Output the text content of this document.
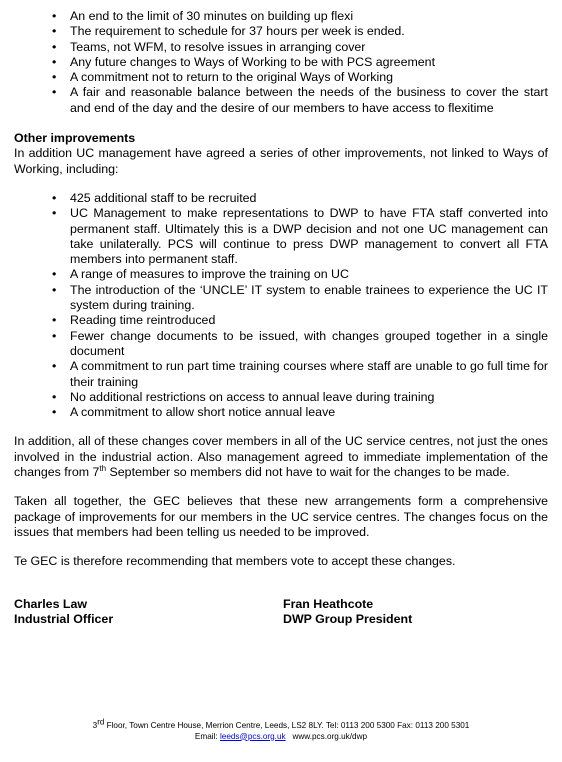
• An end to the limit of 30 minutes on building up flexi
• The requirement to schedule for 37 hours per week is ended.
• Teams, not WFM, to resolve issues in arranging cover
• Any future changes to Ways of Working to be with PCS agreement
• A commitment not to return to the original Ways of Working
• A fair and reasonable balance between the needs of the business to cover the start and end of the day and the desire of our members to have access to flexitime
Other improvements

In addition UC management have agreed a series of other improvements, not linked to Ways of Working, including:

• 425 additional staff to be recruited
• UC Management to make representations to DWP to have FTA staff converted into permanent staff. Ultimately this is a DWP decision and not one UC management can take unilaterally. PCS will continue to press DWP management to convert all FTA members into permanent staff.
• A range of measures to improve the training on UC
• The introduction of the ‘UNCLE’ IT system to enable trainees to experience the UC IT system during training.
• Reading time reintroduced
• Fewer change documents to be issued, with changes grouped together in a single document
• A commitment to run part time training courses where staff are unable to go full time for their training
• No additional restrictions on access to annual leave during training
• A commitment to allow short notice annual leave

In addition, all of these changes cover members in all of the UC service centres, not just the ones involved in the industrial action. Also management agreed to immediate implementation of the changes from 7th September so members did not have to wait for the changes to be made.

Taken all together, the GEC believes that these new arrangements form a comprehensive package of improvements for our members in the UC service centres. The changes focus on the issues that members had been telling us needed to be improved.

Te GEC is therefore recommending that members vote to accept these changes.

Charles Law
Industrial Officer
Fran Heathcote
DWP Group President
3rd Floor, Town Centre House, Merrion Centre, Leeds, LS2 8LY. Tel: 0113 200 5300 Fax: 0113 200 5301
Email: leeds@pcs.org.uk www.pcs.org.uk/dwp
